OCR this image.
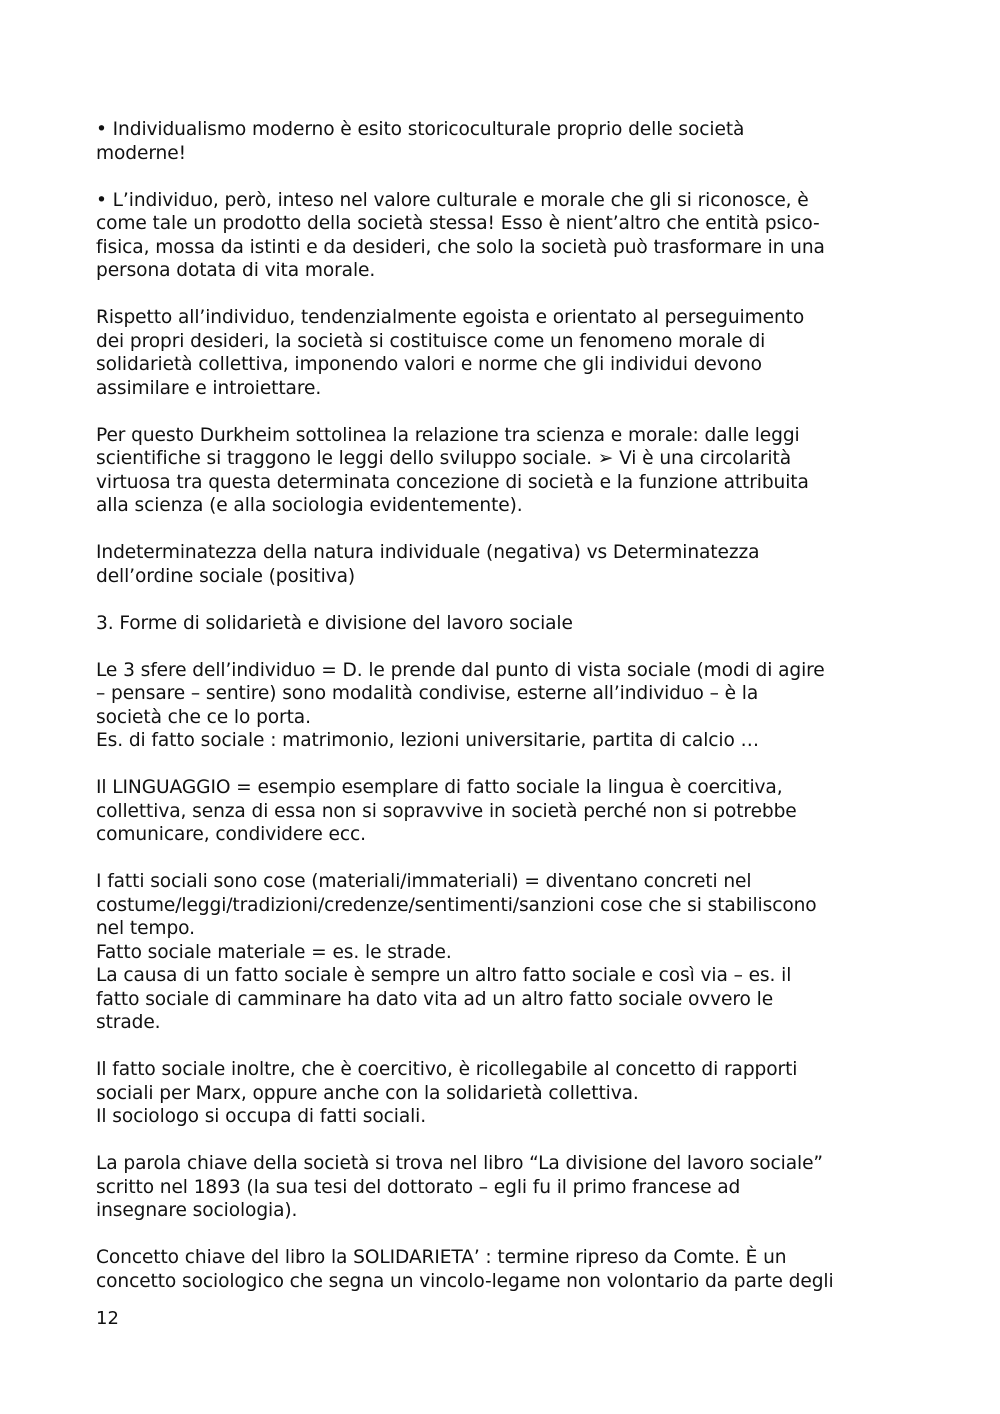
• Individualismo moderno è esito storicoculturale proprio delle società
moderne!

• L’individuo, però, inteso nel valore culturale e morale che gli si riconosce, è
come tale un prodotto della società stessa! Esso è nient’altro che entità psico-
fisica, mossa da istinti e da desideri, che solo la società può trasformare in una
persona dotata di vita morale.

Rispetto all’individuo, tendenzialmente egoista e orientato al perseguimento
dei propri desideri, la società si costituisce come un fenomeno morale di
solidarietà collettiva, imponendo valori e norme che gli individui devono
assimilare e introiettare.

Per questo Durkheim sottolinea la relazione tra scienza e morale: dalle leggi
scientifiche si traggono le leggi dello sviluppo sociale. ➢ Vi è una circolarità
virtuosa tra questa determinata concezione di società e la funzione attribuita
alla scienza (e alla sociologia evidentemente).

Indeterminatezza della natura individuale (negativa) vs Determinatezza
dell’ordine sociale (positiva)

3. Forme di solidarietà e divisione del lavoro sociale

Le 3 sfere dell’individuo = D. le prende dal punto di vista sociale (modi di agire
– pensare – sentire) sono modalità condivise, esterne all’individuo – è la
società che ce lo porta.
Es. di fatto sociale : matrimonio, lezioni universitarie, partita di calcio …

Il LINGUAGGIO = esempio esemplare di fatto sociale la lingua è coercitiva,
collettiva, senza di essa non si sopravvive in società perché non si potrebbe
comunicare, condividere ecc.

I fatti sociali sono cose (materiali/immateriali) = diventano concreti nel
costume/leggi/tradizioni/credenze/sentimenti/sanzioni cose che si stabiliscono
nel tempo.
Fatto sociale materiale = es. le strade.
La causa di un fatto sociale è sempre un altro fatto sociale e così via – es. il
fatto sociale di camminare ha dato vita ad un altro fatto sociale ovvero le
strade.

Il fatto sociale inoltre, che è coercitivo, è ricollegabile al concetto di rapporti
sociali per Marx, oppure anche con la solidarietà collettiva.
Il sociologo si occupa di fatti sociali.

La parola chiave della società si trova nel libro “La divisione del lavoro sociale”
scritto nel 1893 (la sua tesi del dottorato – egli fu il primo francese ad
insegnare sociologia).

Concetto chiave del libro la SOLIDARIETA’ : termine ripreso da Comte. È un
concetto sociologico che segna un vincolo-legame non volontario da parte degli

12
